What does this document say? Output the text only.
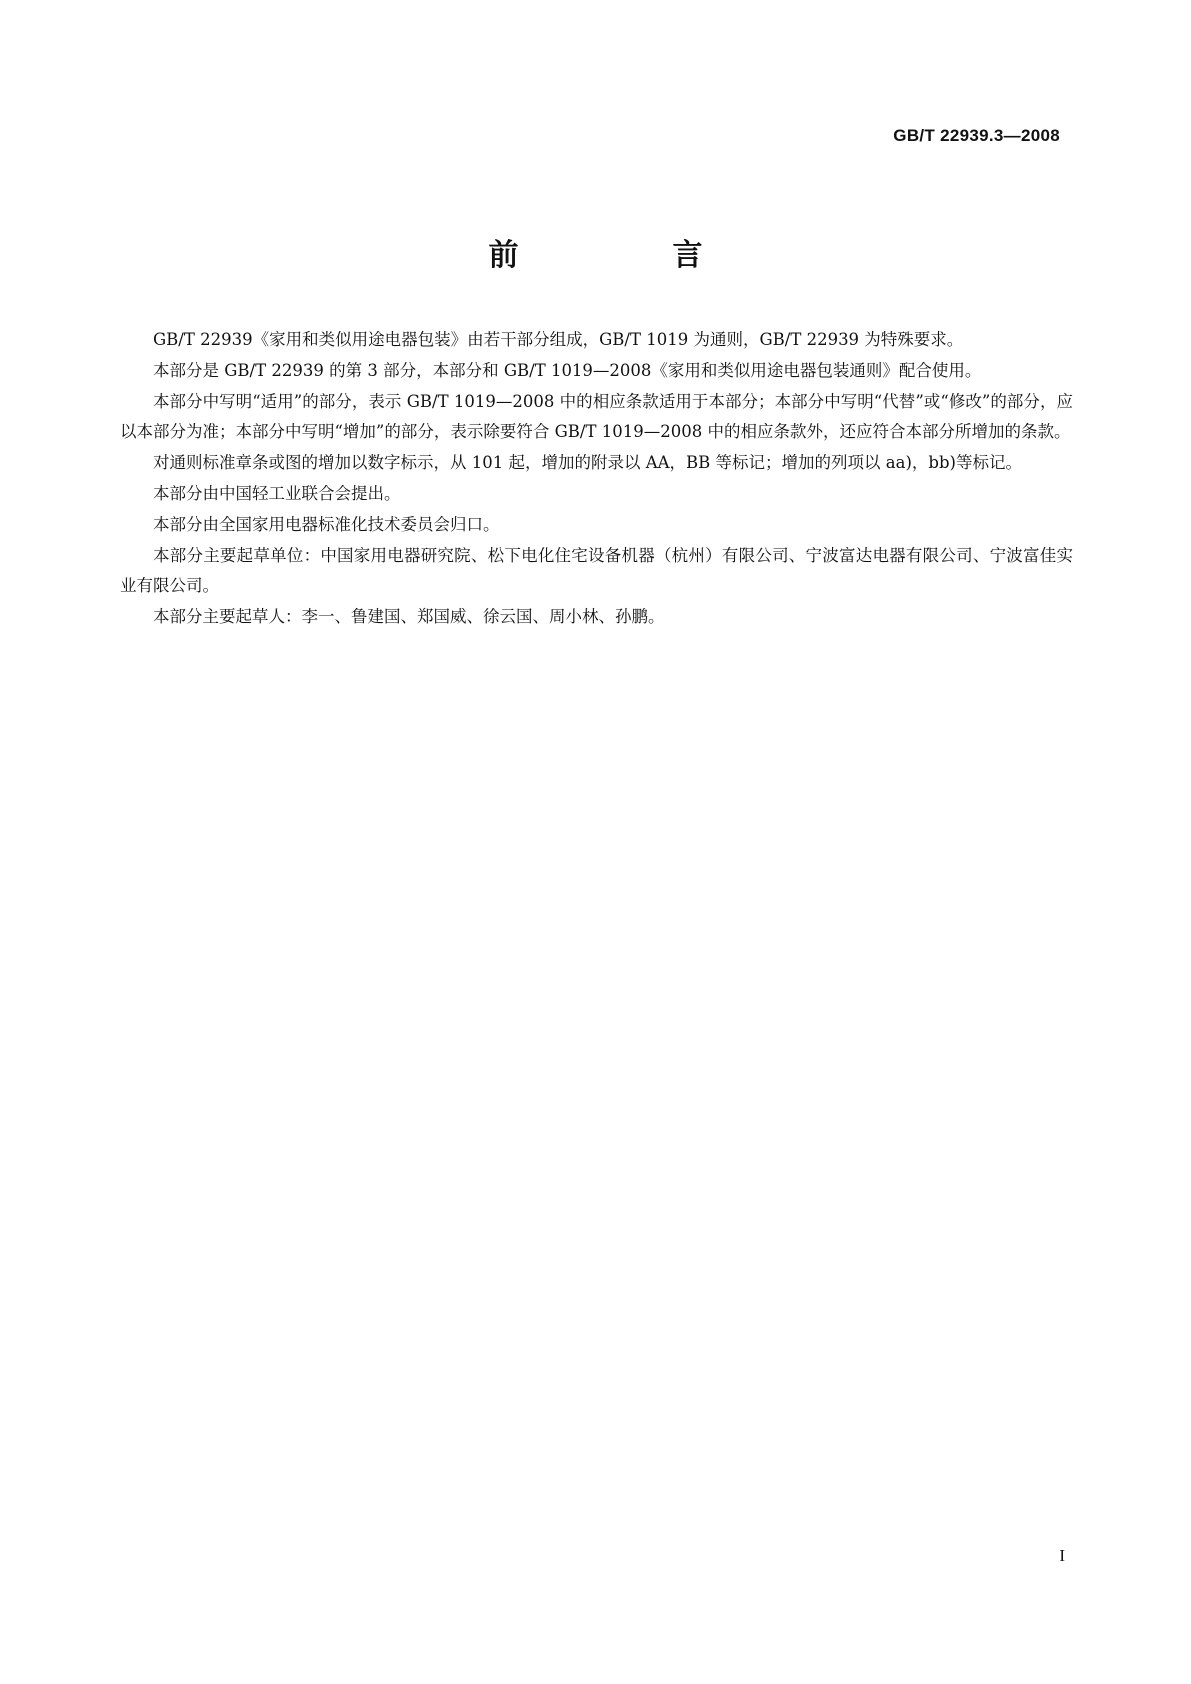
GB/T 22939.3—2008
前　言

GB/T 22939《家用和类似用途电器包装》由若干部分组成，GB/T 1019 为通则，GB/T 22939 为特殊要求。

本部分是 GB/T 22939 的第 3 部分，本部分和 GB/T 1019—2008《家用和类似用途电器包装通则》配合使用。

本部分中写明“适用”的部分，表示 GB/T 1019—2008 中的相应条款适用于本部分；本部分中写明“代替”或“修改”的部分，应以本部分为准；本部分中写明“增加”的部分，表示除要符合 GB/T 1019—2008 中的相应条款外，还应符合本部分所增加的条款。

对通则标准章条或图的增加以数字标示，从 101 起，增加的附录以 AA，BB 等标记；增加的列项以 aa)，bb)等标记。

本部分由中国轻工业联合会提出。

本部分由全国家用电器标准化技术委员会归口。

本部分主要起草单位：中国家用电器研究院、松下电化住宅设备机器（杭州）有限公司、宁波富达电器有限公司、宁波富佳实业有限公司。

本部分主要起草人：李一、鲁建国、郑国威、徐云国、周小林、孙鹏。

I
